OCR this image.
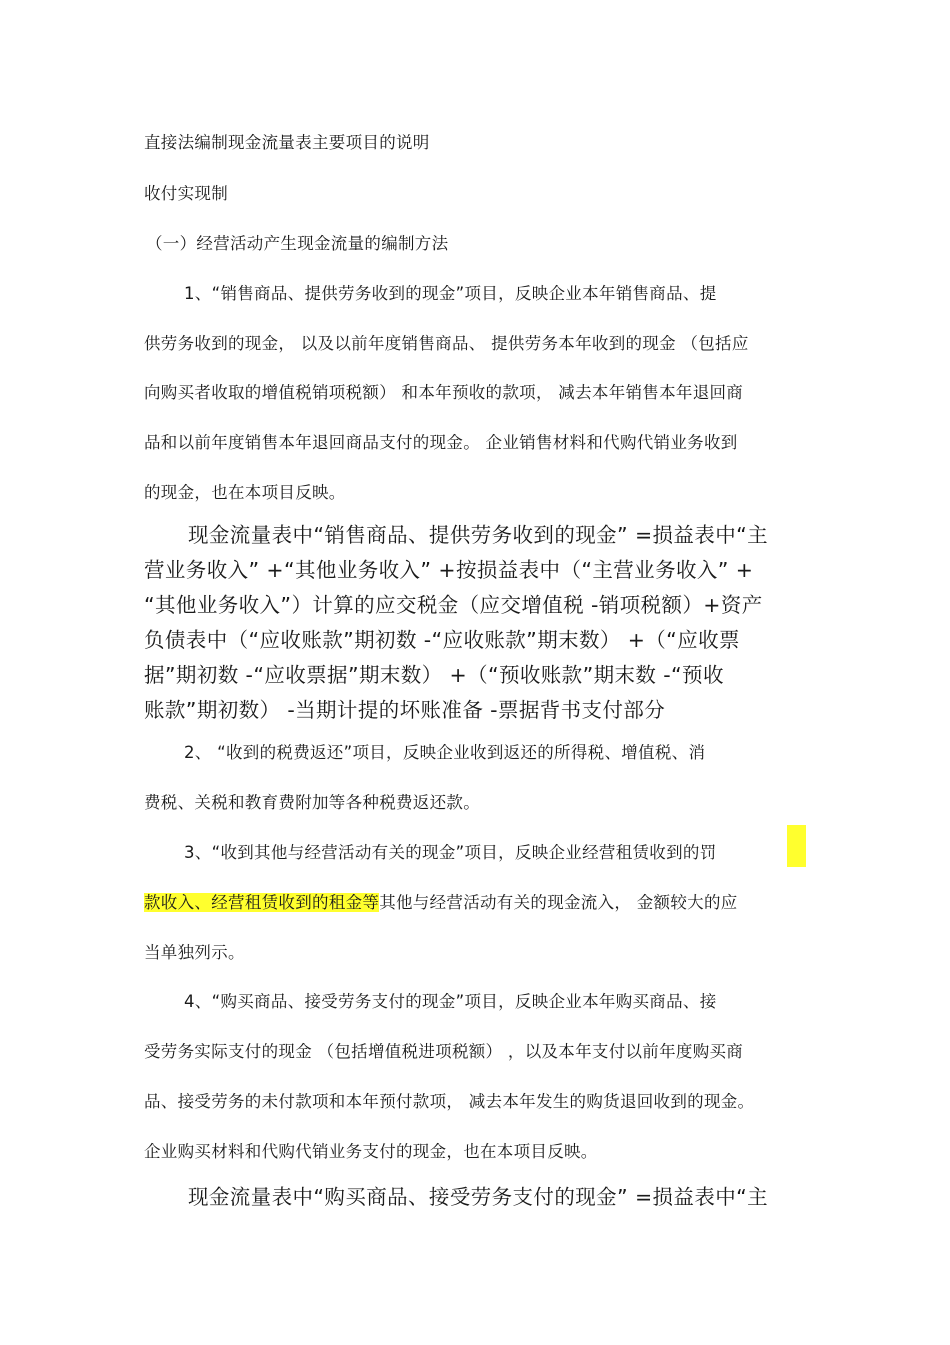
直接法编制现金流量表主要项目的说明
收付实现制
（一）经营活动产生现金流量的编制方法
1、“销售商品、提供劳务收到的现金”项目，反映企业本年销售商品、提
供劳务收到的现金， 以及以前年度销售商品、 提供劳务本年收到的现金 （包括应
向购买者收取的增值税销项税额） 和本年预收的款项， 减去本年销售本年退回商
品和以前年度销售本年退回商品支付的现金。 企业销售材料和代购代销业务收到
的现金，也在本项目反映。
现金流量表中“销售商品、提供劳务收到的现金” =损益表中“主
营业务收入” +“其他业务收入” +按损益表中（“主营业务收入” +
“其他业务收入”）计算的应交税金（应交增值税 -销项税额）+资产
负债表中（“应收账款”期初数 -“应收账款”期末数） +（“应收票
据”期初数 -“应收票据”期末数） +（“预收账款”期末数 -“预收
账款”期初数） -当期计提的坏账准备 -票据背书支付部分
2、 “收到的税费返还”项目，反映企业收到返还的所得税、增值税、消
费税、关税和教育费附加等各种税费返还款。
3、“收到其他与经营活动有关的现金”项目，反映企业经营租赁收到的罚
款收入、经营租赁收到的租金等其他与经营活动有关的现金流入， 金额较大的应
当单独列示。
4、“购买商品、接受劳务支付的现金”项目，反映企业本年购买商品、接
受劳务实际支付的现金 （包括增值税进项税额） ，以及本年支付以前年度购买商
品、接受劳务的未付款项和本年预付款项， 减去本年发生的购货退回收到的现金。
企业购买材料和代购代销业务支付的现金，也在本项目反映。
现金流量表中“购买商品、接受劳务支付的现金” =损益表中“主
